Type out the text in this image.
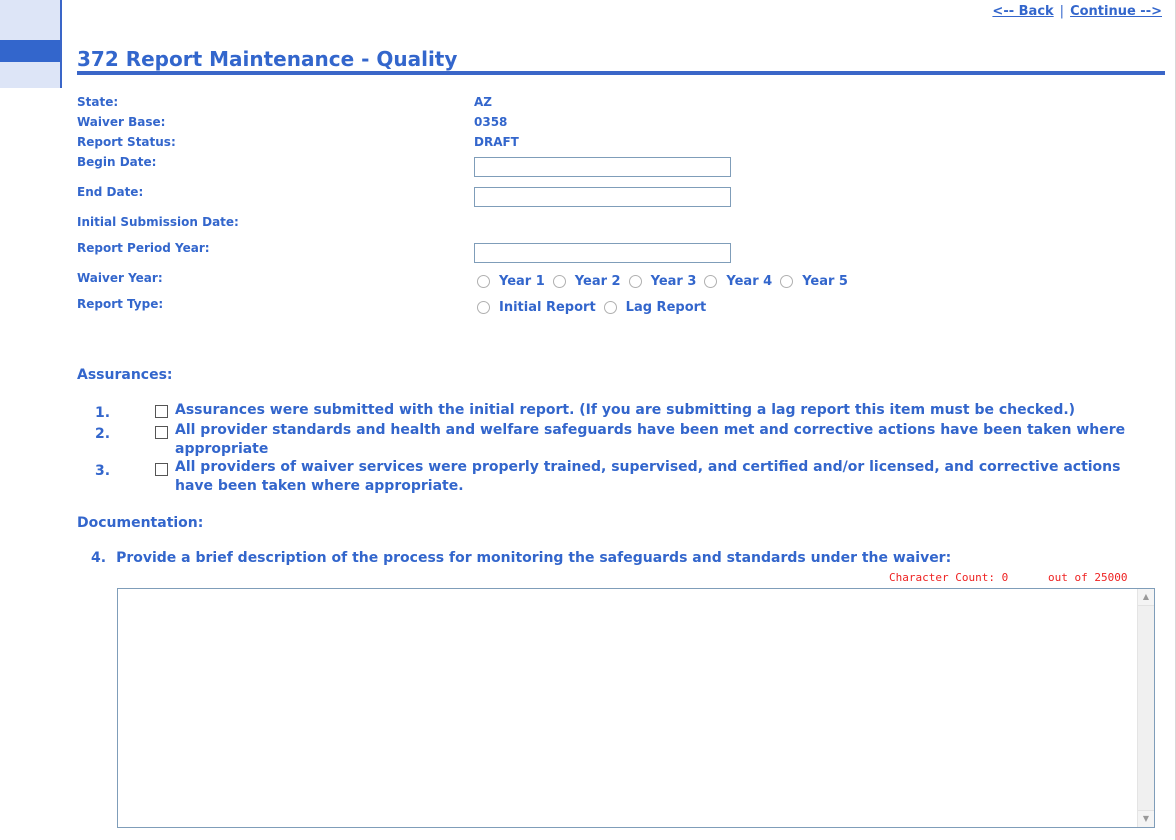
<-- Back | Continue -->
372 Report Maintenance - Quality
State:	AZ
Waiver Base:	0358
Report Status:	DRAFT
Begin Date:
End Date:
Initial Submission Date:
Report Period Year:
Waiver Year:	Year 1 Year 2 Year 3 Year 4 Year 5
Report Type:	Initial Report Lag Report
Assurances:
1.	Assurances were submitted with the initial report. (If you are submitting a lag report this item must be checked.)
2.	All provider standards and health and welfare safeguards have been met and corrective actions have been taken where appropriate
3.	All providers of waiver services were properly trained, supervised, and certified and/or licensed, and corrective actions have been taken where appropriate.
Documentation:
4. Provide a brief description of the process for monitoring the safeguards and standards under the waiver:
Character Count: 0	out of 25000
▲
▼
